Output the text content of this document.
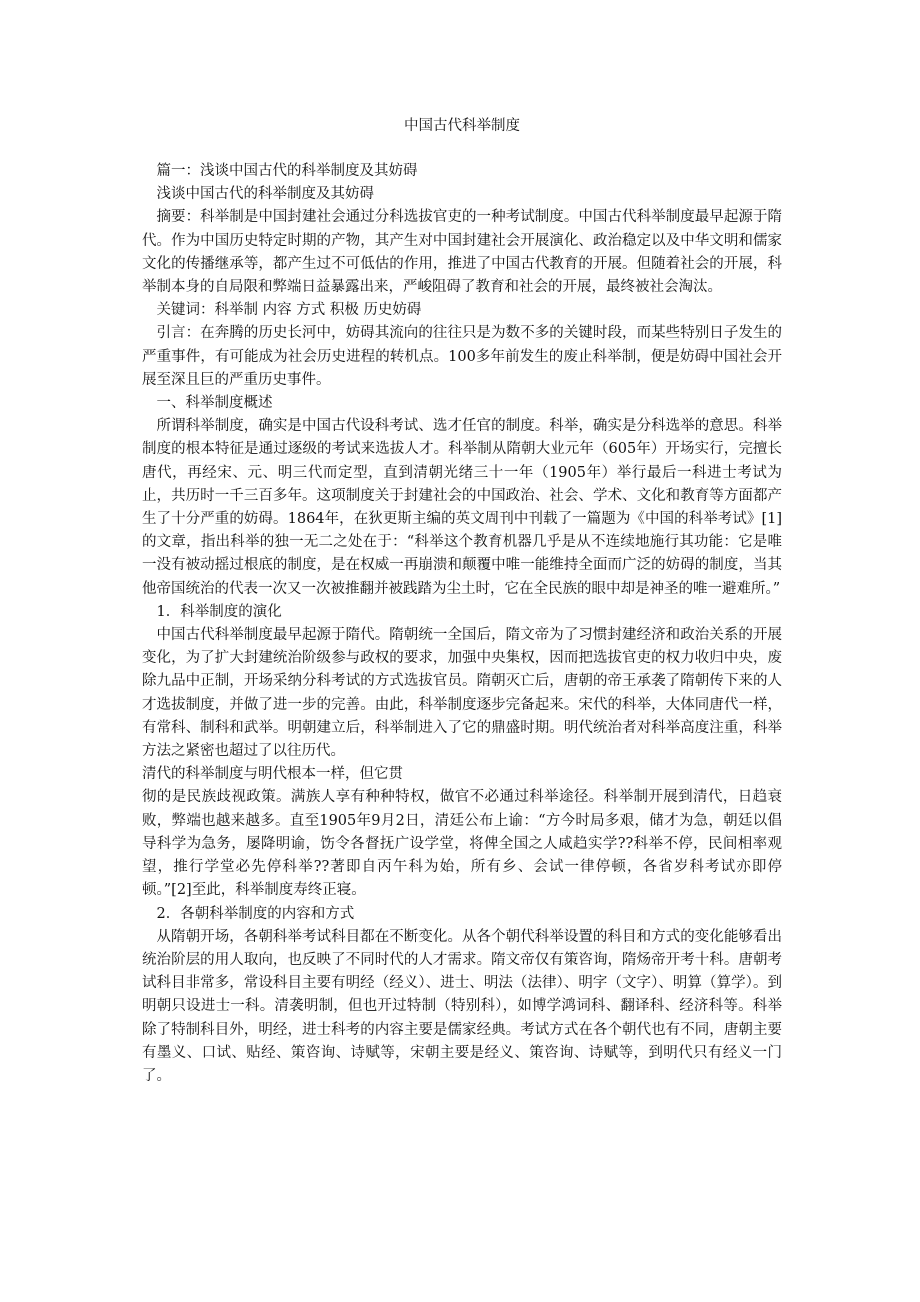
中国古代科举制度

篇一：浅谈中国古代的科举制度及其妨碍

浅谈中国古代的科举制度及其妨碍

摘要：科举制是中国封建社会通过分科选拔官吏的一种考试制度。中国古代科举制度最早起源于隋代。作为中国历史特定时期的产物，其产生对中国封建社会开展演化、政治稳定以及中华文明和儒家文化的传播继承等，都产生过不可低估的作用，推进了中国古代教育的开展。但随着社会的开展，科举制本身的自局限和弊端日益暴露出来，严峻阻碍了教育和社会的开展，最终被社会淘汰。

关键词：科举制 内容 方式 积极 历史妨碍

引言：在奔腾的历史长河中，妨碍其流向的往往只是为数不多的关键时段，而某些特别日子发生的严重事件，有可能成为社会历史进程的转机点。100多年前发生的废止科举制，便是妨碍中国社会开展至深且巨的严重历史事件。

一、科举制度概述

所谓科举制度，确实是中国古代设科考试、选才任官的制度。科举，确实是分科选举的意思。科举制度的根本特征是通过逐级的考试来选拔人才。科举制从隋朝大业元年（605年）开场实行，完擅长唐代，再经宋、元、明三代而定型，直到清朝光绪三十一年（1905年）举行最后一科进士考试为止，共历时一千三百多年。这项制度关于封建社会的中国政治、社会、学术、文化和教育等方面都产生了十分严重的妨碍。1864年，在狄更斯主编的英文周刊中刊载了一篇题为《中国的科举考试》[1]的文章，指出科举的独一无二之处在于：“科举这个教育机器几乎是从不连续地施行其功能：它是唯一没有被动摇过根底的制度，是在权威一再崩溃和颠覆中唯一能维持全面而广泛的妨碍的制度，当其他帝国统治的代表一次又一次被推翻并被践踏为尘土时，它在全民族的眼中却是神圣的唯一避难所。”

1．科举制度的演化

中国古代科举制度最早起源于隋代。隋朝统一全国后，隋文帝为了习惯封建经济和政治关系的开展变化，为了扩大封建统治阶级参与政权的要求，加强中央集权，因而把选拔官吏的权力收归中央，废除九品中正制，开场采纳分科考试的方式选拔官员。隋朝灭亡后，唐朝的帝王承袭了隋朝传下来的人才选拔制度，并做了进一步的完善。由此，科举制度逐步完备起来。宋代的科举，大体同唐代一样，有常科、制科和武举。明朝建立后，科举制进入了它的鼎盛时期。明代统治者对科举高度注重，科举方法之紧密也超过了以往历代。

清代的科举制度与明代根本一样，但它贯

彻的是民族歧视政策。满族人享有种种特权，做官不必通过科举途径。科举制开展到清代，日趋衰败，弊端也越来越多。直至1905年9月2日，清廷公布上谕：“方今时局多艰，储才为急，朝廷以倡导科学为急务，屡降明谕，饬令各督抚广设学堂，将俾全国之人咸趋实学??科举不停，民间相率观望，推行学堂必先停科举??著即自丙午科为始，所有乡、会试一律停顿，各省岁科考试亦即停顿。”[2]至此，科举制度寿终正寝。

2．各朝科举制度的内容和方式

从隋朝开场，各朝科举考试科目都在不断变化。从各个朝代科举设置的科目和方式的变化能够看出统治阶层的用人取向，也反映了不同时代的人才需求。隋文帝仅有策咨询，隋炀帝开考十科。唐朝考试科目非常多，常设科目主要有明经（经义）、进士、明法（法律）、明字（文字）、明算（算学）。到明朝只设进士一科。清袭明制，但也开过特制（特别科），如博学鸿词科、翻译科、经济科等。科举除了特制科目外，明经，进士科考的内容主要是儒家经典。考试方式在各个朝代也有不同，唐朝主要有墨义、口试、贴经、策咨询、诗赋等，宋朝主要是经义、策咨询、诗赋等，到明代只有经义一门了。
